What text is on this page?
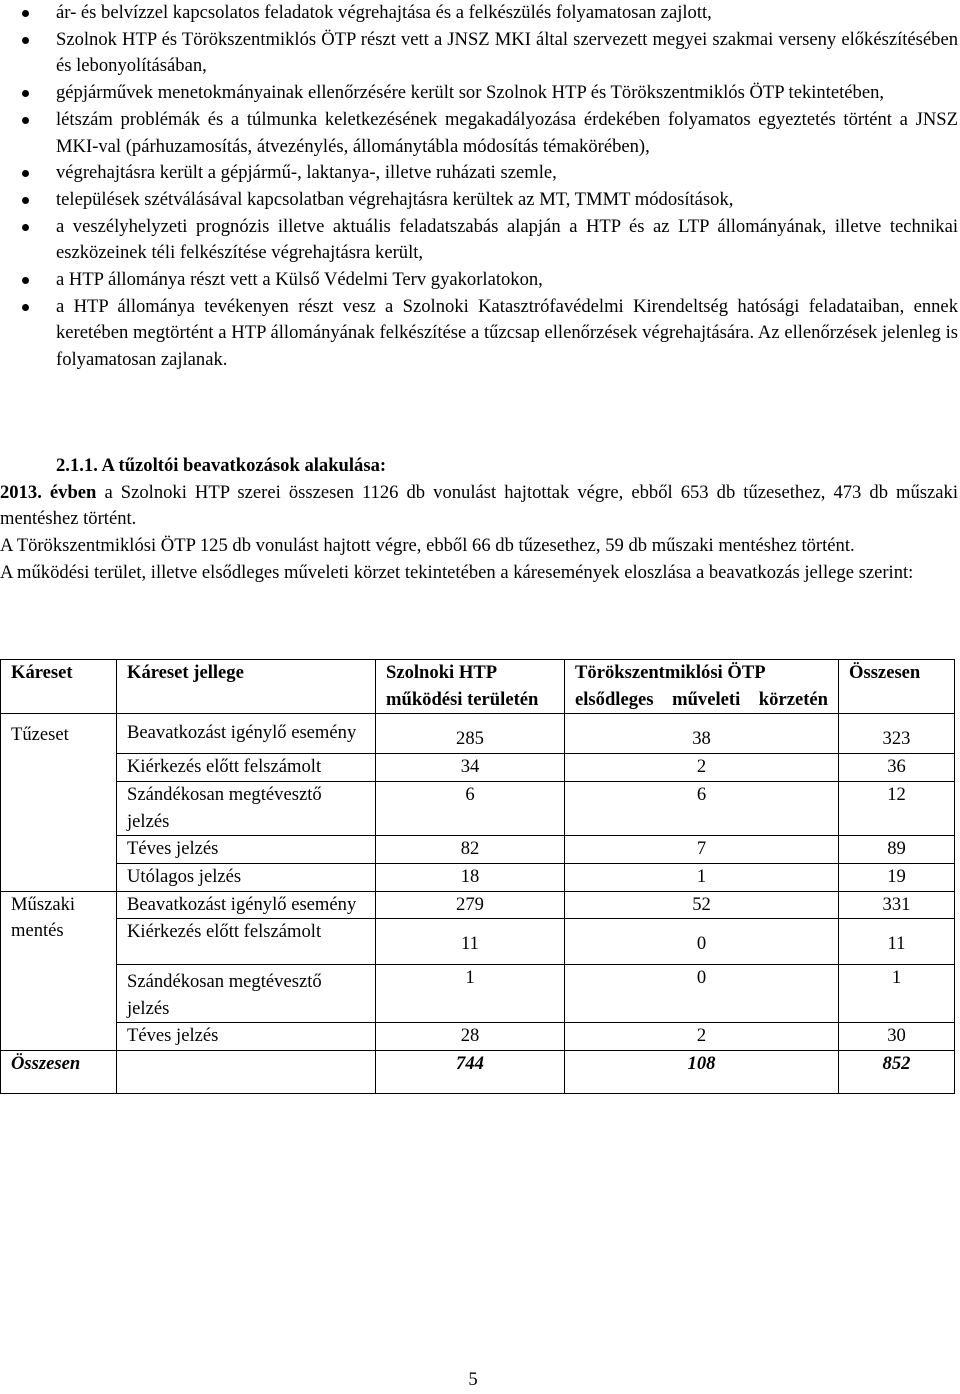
ár- és belvízzel kapcsolatos feladatok végrehajtása és a felkészülés folyamatosan zajlott,
Szolnok HTP és Törökszentmiklós ÖTP részt vett a JNSZ MKI által szervezett megyei szakmai verseny előkészítésében és lebonyolításában,
gépjárművek menetokmányainak ellenőrzésére került sor Szolnok HTP és Törökszentmiklós ÖTP tekintetében,
létszám problémák és a túlmunka keletkezésének megakadályozása érdekében folyamatos egyeztetés történt a JNSZ MKI-val (párhuzamosítás, átvezénylés, állománytábla módosítás témakörében),
végrehajtásra került a gépjármű-, laktanya-, illetve ruházati szemle,
települések szétválásával kapcsolatban végrehajtásra kerültek az MT, TMMT módosítások,
a veszélyhelyzeti prognózis illetve aktuális feladatszabás alapján a HTP és az LTP állományának, illetve technikai eszközeinek téli felkészítése végrehajtásra került,
a HTP állománya részt vett a Külső Védelmi Terv gyakorlatokon,
a HTP állománya tevékenyen részt vesz a Szolnoki Katasztrófavédelmi Kirendeltség hatósági feladataiban, ennek keretében megtörtént a HTP állományának felkészítése a tűzcsap ellenőrzések végrehajtására. Az ellenőrzések jelenleg is folyamatosan zajlanak.

2.1.1. A tűzoltói beavatkozások alakulása:

2013. évben a Szolnoki HTP szerei összesen 1126 db vonulást hajtottak végre, ebből 653 db tűzesethez, 473 db műszaki mentéshez történt.

A Törökszentmiklósi ÖTP 125 db vonulást hajtott végre, ebből 66 db tűzesethez, 59 db műszaki mentéshez történt.

A működési terület, illetve elsődleges műveleti körzet tekintetében a káresemények eloszlása a beavatkozás jellege szerint:

Káreset	Káreset jellege	Szolnoki HTP működési területén	Törökszentmiklósi ÖTP
elsődleges műveleti körzetén	Összesen
Tűzeset	Beavatkozást igénylő esemény	285	38	323
	Kiérkezés előtt felszámolt	34	2	36
	Szándékosan megtévesztő jelzés	6	6	12
	Téves jelzés	82	7	89
	Utólagos jelzés	18	1	19
Műszaki mentés	Beavatkozást igénylő esemény	279	52	331
	Kiérkezés előtt felszámolt	11	0	11
	Szándékosan megtévesztő jelzés	1	0	1
	Téves jelzés	28	2	30
Összesen		744	108	852
5
